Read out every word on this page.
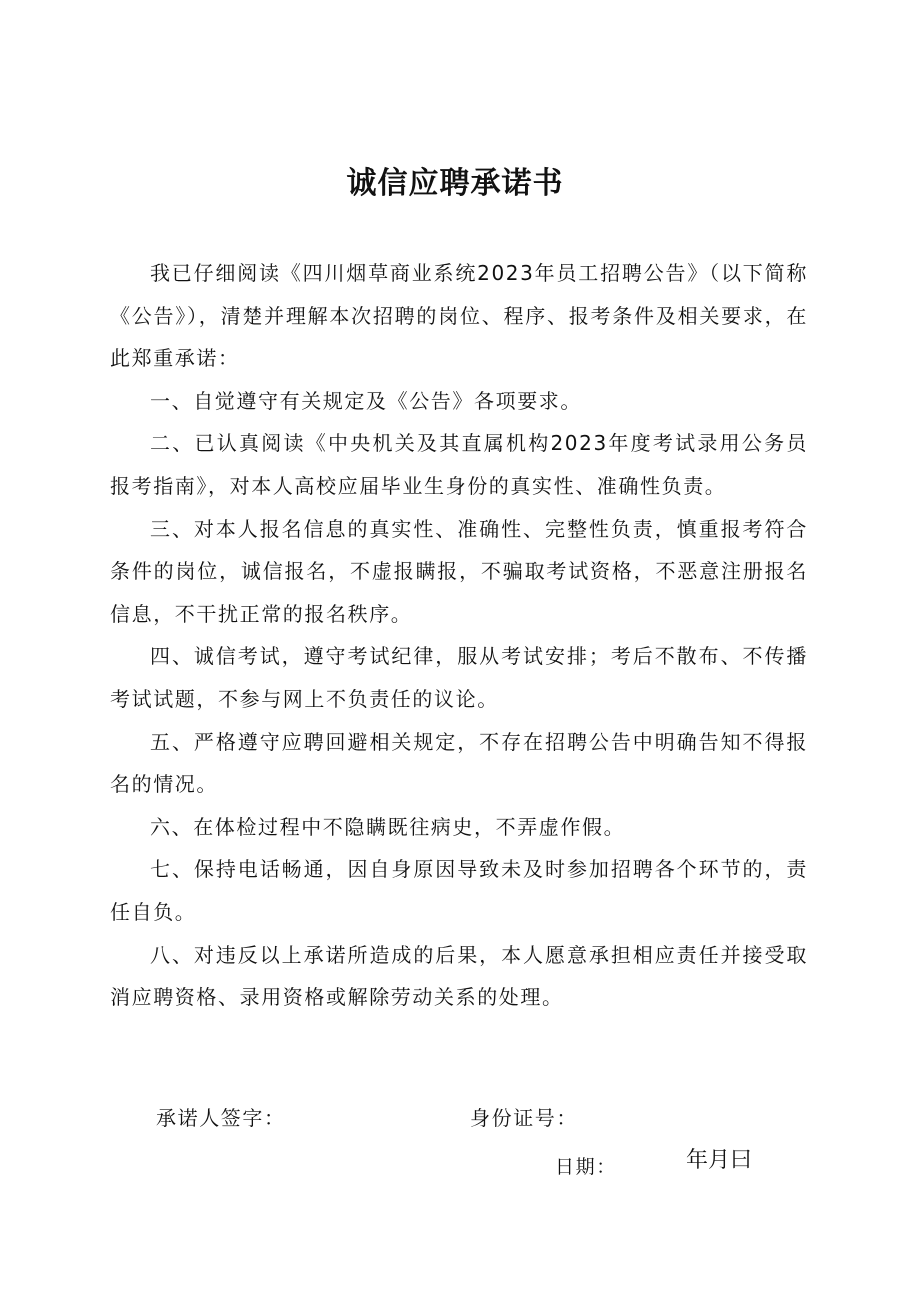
诚信应聘承诺书

我已仔细阅读《四川烟草商业系统2023年员工招聘公告》（以下简称《公告》），清楚并理解本次招聘的岗位、程序、报考条件及相关要求，在此郑重承诺：

一、自觉遵守有关规定及《公告》各项要求。

二、已认真阅读《中央机关及其直属机构2023年度考试录用公务员报考指南》，对本人高校应届毕业生身份的真实性、准确性负责。

三、对本人报名信息的真实性、准确性、完整性负责，慎重报考符合条件的岗位，诚信报名，不虚报瞒报，不骗取考试资格，不恶意注册报名信息，不干扰正常的报名秩序。

四、诚信考试，遵守考试纪律，服从考试安排；考后不散布、不传播考试试题，不参与网上不负责任的议论。

五、严格遵守应聘回避相关规定，不存在招聘公告中明确告知不得报名的情况。

六、在体检过程中不隐瞒既往病史，不弄虚作假。

七、保持电话畅通，因自身原因导致未及时参加招聘各个环节的，责任自负。

八、对违反以上承诺所造成的后果，本人愿意承担相应责任并接受取消应聘资格、录用资格或解除劳动关系的处理。

承诺人签字：	身份证号：
日期：	年月曰
